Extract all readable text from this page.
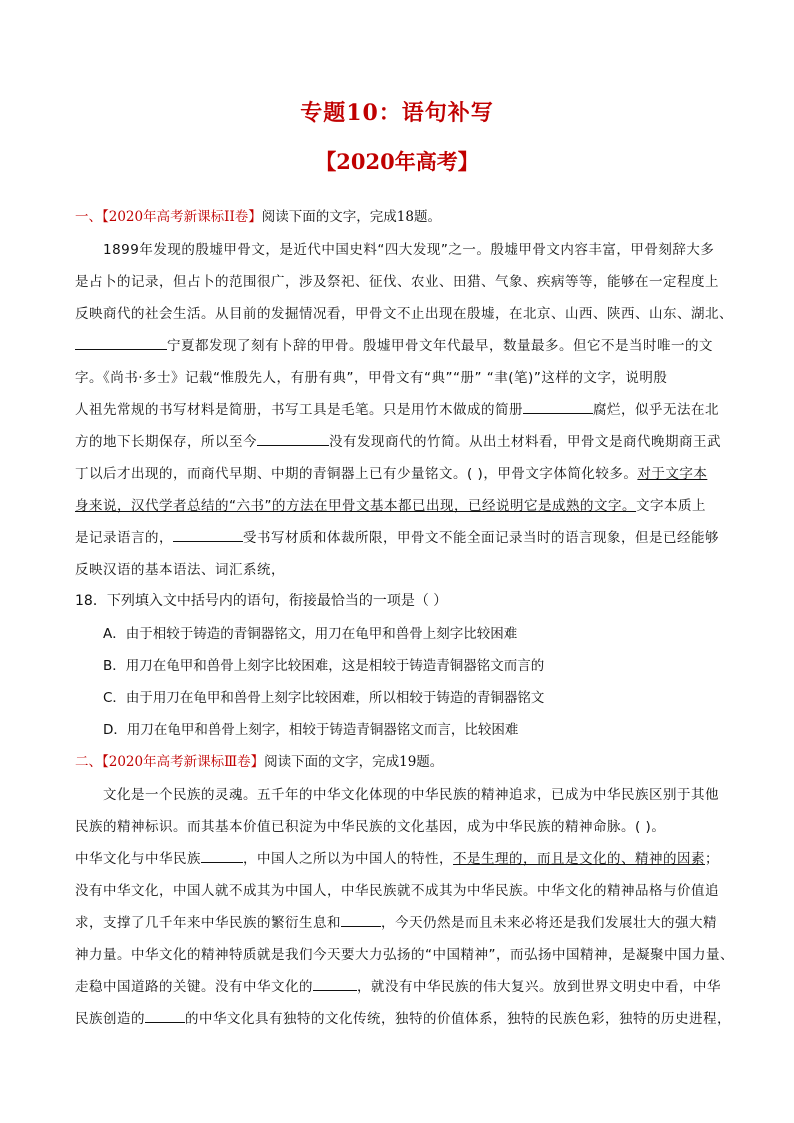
专题10：语句补写
【2020年高考】
一、【2020年高考新课标II卷】阅读下面的文字，完成18题。
1899年发现的殷墟甲骨文，是近代中国史料“四大发现”之一。殷墟甲骨文内容丰富，甲骨刻辞大多
是占卜的记录，但占卜的范围很广，涉及祭祀、征伐、农业、田猎、气象、疾病等等，能够在一定程度上
反映商代的社会生活。从目前的发掘情况看，甲骨文不止出现在殷墟，在北京、山西、陕西、山东、湖北、
宁夏都发现了刻有卜辞的甲骨。殷墟甲骨文年代最早，数量最多。但它不是当时唯一的文
字。《尚书·多士》记载“惟殷先人，有册有典”，甲骨文有“典”“册” “聿(笔)”这样的文字，说明殷
人祖先常规的书写材料是简册，书写工具是毛笔。只是用竹木做成的简册	腐烂，似乎无法在北
方的地下长期保存，所以至今	没有发现商代的竹简。从出土材料看，甲骨文是商代晚期商王武
丁以后才出现的，而商代早期、中期的青铜器上已有少量铭文。( )，甲骨文字体简化较多。对于文字本
身来说，汉代学者总结的“六书”的方法在甲骨文基本都已出现，已经说明它是成熟的文字。文字本质上
是记录语言的，	受书写材质和体裁所限，甲骨文不能全面记录当时的语言现象，但是已经能够
反映汉语的基本语法、词汇系统，
18．下列填入文中括号内的语句，衔接最恰当的一项是（ ）
A．由于相较于铸造的青铜器铭文，用刀在龟甲和兽骨上刻字比较困难
B．用刀在龟甲和兽骨上刻字比较困难，这是相较于铸造青铜器铭文而言的
C．由于用刀在龟甲和兽骨上刻字比较困难，所以相较于铸造的青铜器铭文
D．用刀在龟甲和兽骨上刻字，相较于铸造青铜器铭文而言，比较困难
二、【2020年高考新课标Ⅲ卷】阅读下面的文字，完成19题。
文化是一个民族的灵魂。五千年的中华文化体现的中华民族的精神追求，已成为中华民族区别于其他
民族的精神标识。而其基本价值已积淀为中华民族的文化基因，成为中华民族的精神命脉。( )。
中华文化与中华民族	，中国人之所以为中国人的特性，不是生理的，而且是文化的、精神的因素；
没有中华文化，中国人就不成其为中国人，中华民族就不成其为中华民族。中华文化的精神品格与价值追
求，支撑了几千年来中华民族的繁衍生息和	，今天仍然是而且未来必将还是我们发展壮大的强大精
神力量。中华文化的精神特质就是我们今天要大力弘扬的“中国精神”，而弘扬中国精神，是凝聚中国力量、
走稳中国道路的关键。没有中华文化的	，就没有中华民族的伟大复兴。放到世界文明史中看，中华
民族创造的	的中华文化具有独特的文化传统，独特的价值体系，独特的民族色彩，独特的历史进程，
